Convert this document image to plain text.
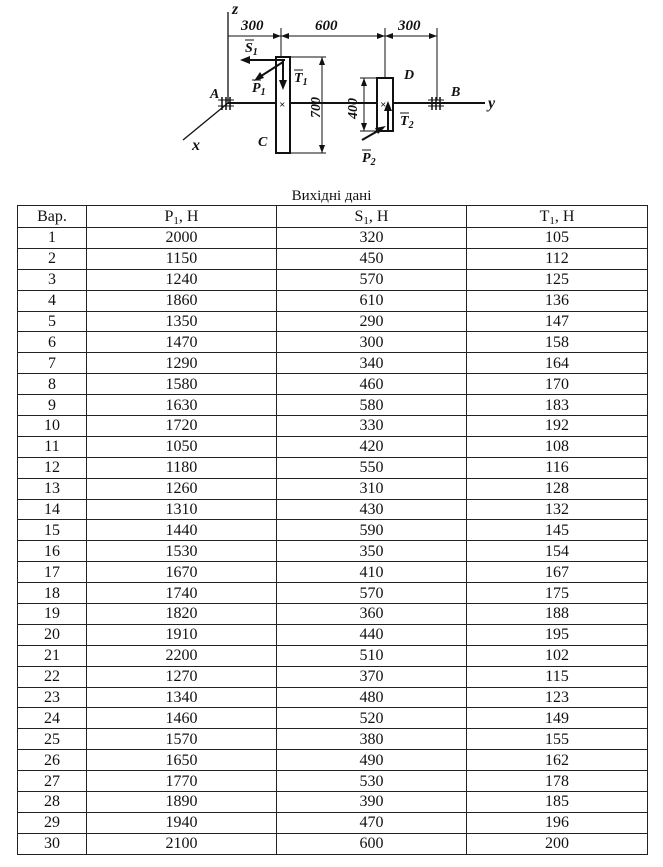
z
x
y
300	600	300
A	B
×
C
700
$S_1$
$P_1$
$T_1$
×
D
400
$T_2$
$P_2$
Вихідні дані
Вар.	$P_1$, Н	$S_1$, Н	$T_1$, Н
1	2000	320	105
2	1150	450	112
3	1240	570	125
4	1860	610	136
5	1350	290	147
6	1470	300	158
7	1290	340	164
8	1580	460	170
9	1630	580	183
10	1720	330	192
11	1050	420	108
12	1180	550	116
13	1260	310	128
14	1310	430	132
15	1440	590	145
16	1530	350	154
17	1670	410	167
18	1740	570	175
19	1820	360	188
20	1910	440	195
21	2200	510	102
22	1270	370	115
23	1340	480	123
24	1460	520	149
25	1570	380	155
26	1650	490	162
27	1770	530	178
28	1890	390	185
29	1940	470	196
30	2100	600	200
